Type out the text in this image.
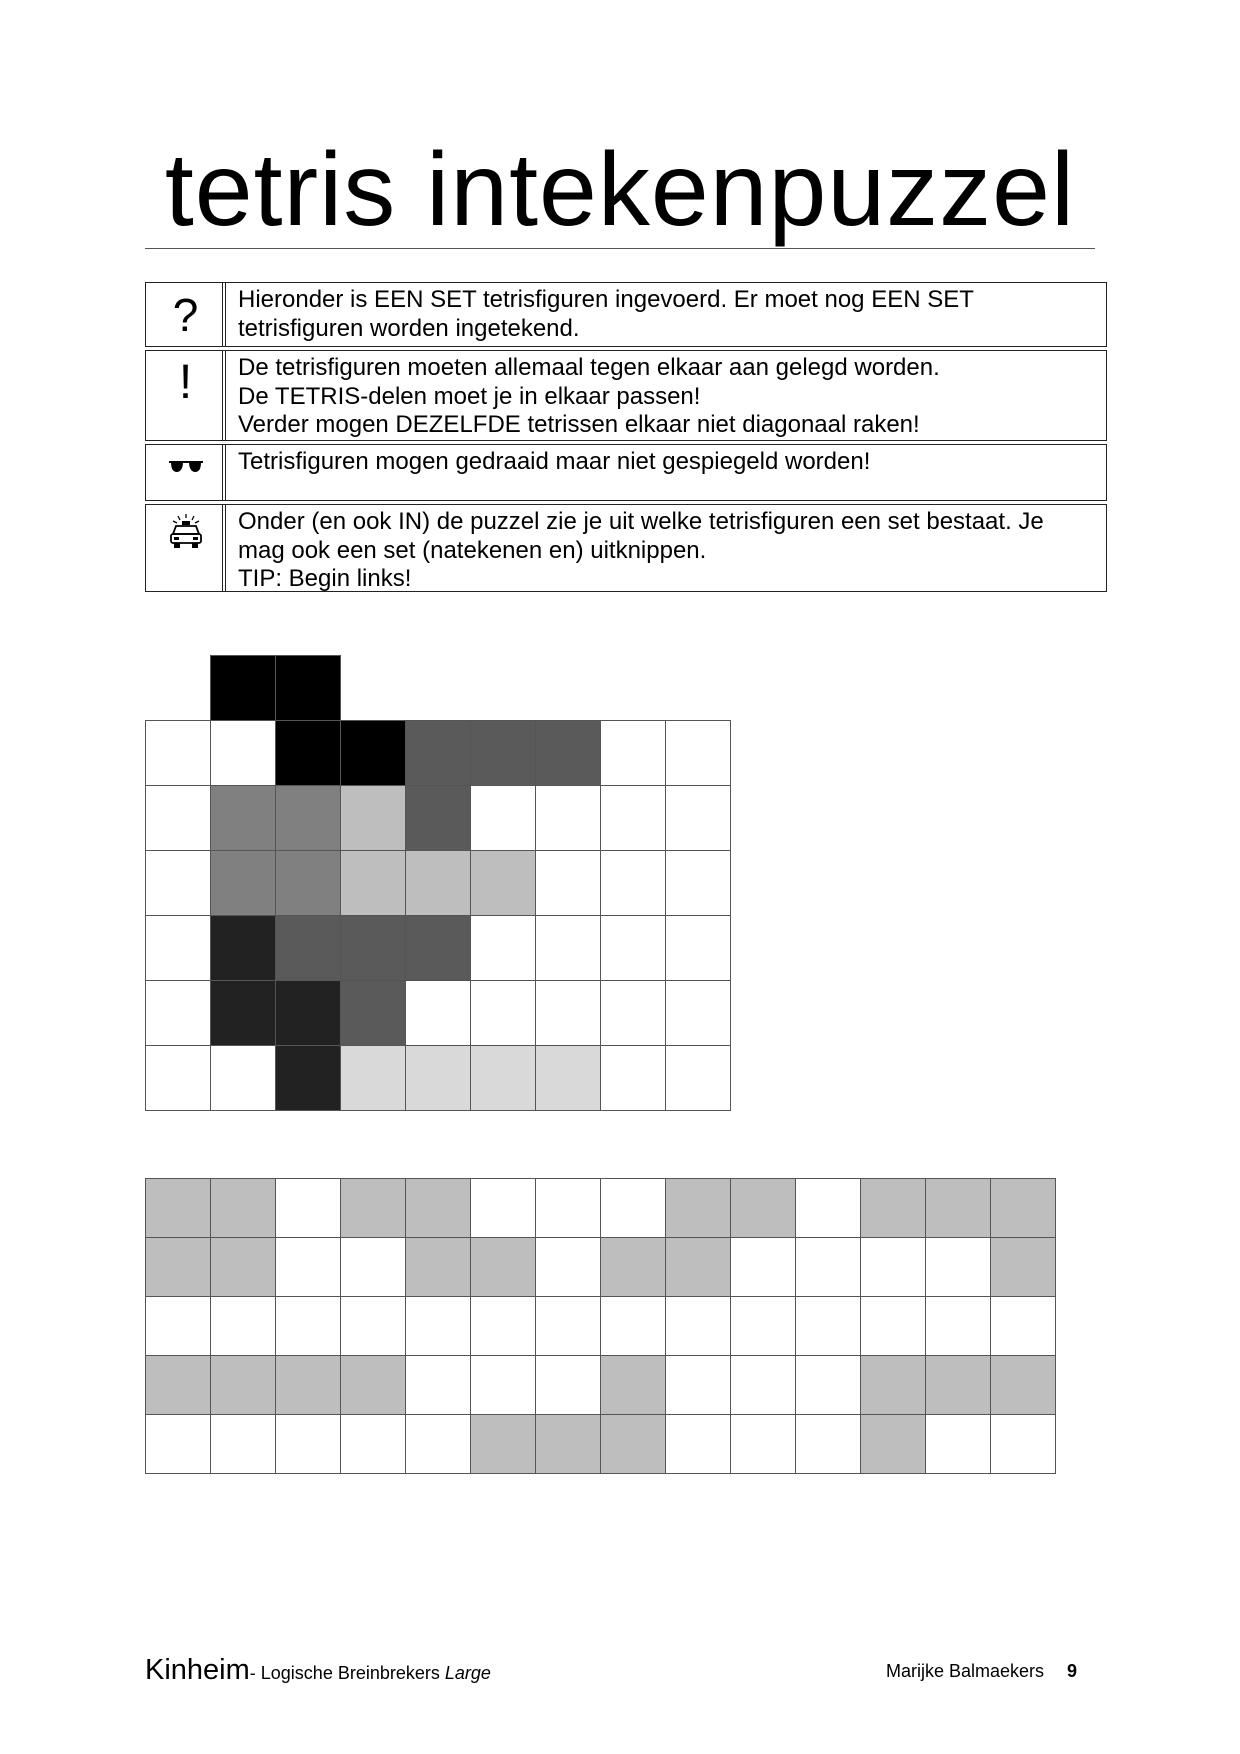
tetris intekenpuzzel
? Hieronder is EEN SET tetrisfiguren ingevoerd. Er moet nog EEN SET
tetrisfiguren worden ingetekend.
! De tetrisfiguren moeten allemaal tegen elkaar aan gelegd worden.
De TETRIS-delen moet je in elkaar passen!
Verder mogen DEZELFDE tetrissen elkaar niet diagonaal raken!
Tetrisfiguren mogen gedraaid maar niet gespiegeld worden!
Onder (en ook IN) de puzzel zie je uit welke tetrisfiguren een set bestaat. Je
mag ook een set (natekenen en) uitknippen.
TIP: Begin links!
Kinheim- Logische Breinbrekers Large	Marijke Balmaekers 9
